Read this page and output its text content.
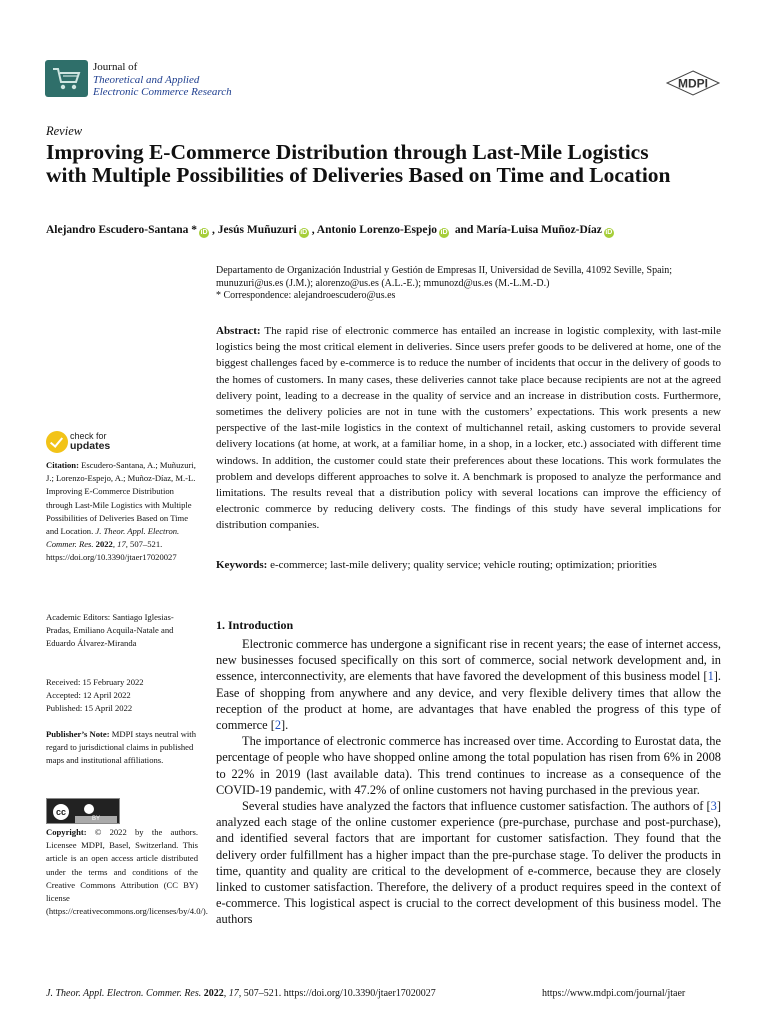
Journal of
Theoretical and Applied
Electronic Commerce Research
MDPI
Review
Improving E-Commerce Distribution through Last-Mile Logistics with Multiple Possibilities of Deliveries Based on Time and Location
Alejandro Escudero-Santana * iD , Jesús Muñuzuri iD , Antonio Lorenzo-Espejo iD and María-Luisa Muñoz-Díaz iD
Departamento de Organización Industrial y Gestión de Empresas II, Universidad de Sevilla, 41092 Seville, Spain; munuzuri@us.es (J.M.); alorenzo@us.es (A.L.-E.); mmunozd@us.es (M.-L.M.-D.)
* Correspondence: alejandroescudero@us.es
Abstract: The rapid rise of electronic commerce has entailed an increase in logistic complexity, with last-mile logistics being the most critical element in deliveries. Since users prefer goods to be delivered at home, one of the biggest challenges faced by e-commerce is to reduce the number of incidents that occur in the delivery of goods to the homes of customers. In many cases, these deliveries cannot take place because recipients are not at the agreed delivery point, leading to a decrease in the quality of service and an increase in distribution costs. Furthermore, sometimes the delivery policies are not in tune with the customers’ expectations. This work presents a new perspective of the last-mile logistics in the context of multichannel retail, asking customers to provide several delivery locations (at home, at work, at a familiar home, in a shop, in a locker, etc.) associated with different time windows. In addition, the customer could state their preferences about these locations. This work formulates the problem and develops different approaches to solve it. A benchmark is proposed to analyze the performance and limitations. The results reveal that a distribution policy with several locations can improve the efficiency of electronic commerce by reducing delivery costs. The findings of this study have several implications for distribution companies.
Keywords: e-commerce; last-mile delivery; quality service; vehicle routing; optimization; priorities
check for
updates
Citation: Escudero-Santana, A.; Muñuzuri, J.; Lorenzo-Espejo, A.; Muñoz-Díaz, M.-L. Improving E-Commerce Distribution through Last-Mile Logistics with Multiple Possibilities of Deliveries Based on Time and Location. J. Theor. Appl. Electron. Commer. Res. 2022, 17, 507–521. https://doi.org/10.3390/jtaer17020027
Academic Editors: Santiago Iglesias-Pradas, Emiliano Acquila-Natale and Eduardo Álvarez-Miranda
Received: 15 February 2022
Accepted: 12 April 2022
Published: 15 April 2022
Publisher’s Note: MDPI stays neutral with regard to jurisdictional claims in published maps and institutional affiliations.
cc
BY
Copyright: © 2022 by the authors. Licensee MDPI, Basel, Switzerland. This article is an open access article distributed under the terms and conditions of the Creative Commons Attribution (CC BY) license (https://creativecommons.org/licenses/by/4.0/).
1. Introduction

Electronic commerce has undergone a significant rise in recent years; the ease of internet access, new businesses focused specifically on this sort of commerce, social network development and, in essence, interconnectivity, are elements that have favored the development of this business model [1]. Ease of shopping from anywhere and any device, and very flexible delivery times that allow the reception of the product at home, are advantages that have enabled the progress of this type of commerce [2].

The importance of electronic commerce has increased over time. According to Eurostat data, the percentage of people who have shopped online among the total population has risen from 6% in 2008 to 22% in 2019 (last available data). This trend continues to increase as a consequence of the COVID-19 pandemic, with 47.2% of online customers not having purchased in the previous year.

Several studies have analyzed the factors that influence customer satisfaction. The authors of [3] analyzed each stage of the online customer experience (pre-purchase, purchase and post-purchase), and identified several factors that are important for customer satisfaction. They found that the delivery order fulfillment has a higher impact than the pre-purchase stage. To deliver the products in time, quantity and quality are critical to the development of e-commerce, because they are closely linked to customer satisfaction. Therefore, the delivery of a product requires speed in the context of e-commerce. This logistical aspect is crucial to the correct development of this business model. The authors

J. Theor. Appl. Electron. Commer. Res. 2022, 17, 507–521. https://doi.org/10.3390/jtaer17020027	https://www.mdpi.com/journal/jtaer
